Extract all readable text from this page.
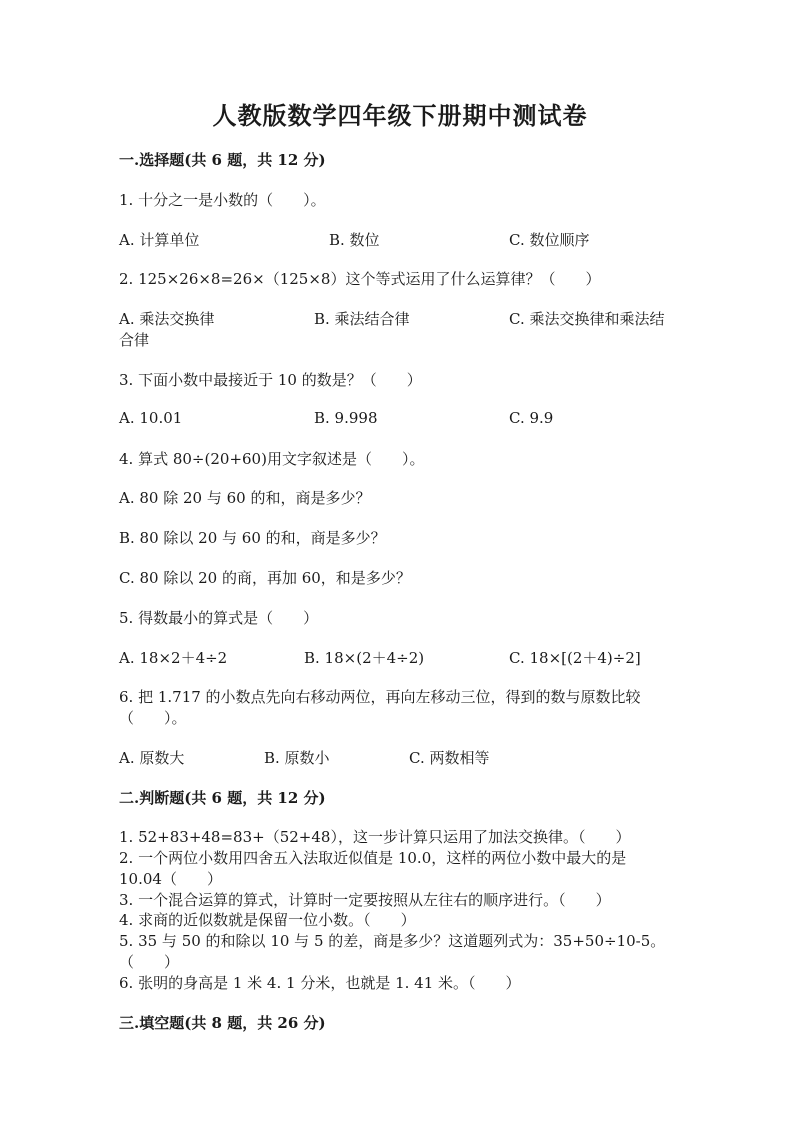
人教版数学四年级下册期中测试卷
一.选择题(共 6 题，共 12 分)
1. 十分之一是小数的（　　）。
A. 计算单位	B. 数位	C. 数位顺序
2. 125×26×8=26×（125×8）这个等式运用了什么运算律？（　　）
A. 乘法交换律	B. 乘法结合律	C. 乘法交换律和乘法结
合律
3. 下面小数中最接近于 10 的数是？（　　）
A. 10.01	B. 9.998	C. 9.9
4. 算式 80÷(20+60)用文字叙述是（　　）。
A. 80 除 20 与 60 的和，商是多少？
B. 80 除以 20 与 60 的和，商是多少？
C. 80 除以 20 的商，再加 60，和是多少？
5. 得数最小的算式是（　　）
A. 18×2＋4÷2	B. 18×(2＋4÷2)	C. 18×[(2＋4)÷2]
6. 把 1.717 的小数点先向右移动两位，再向左移动三位，得到的数与原数比较
（　　）。
A. 原数大	B. 原数小	C. 两数相等
二.判断题(共 6 题，共 12 分)
1. 52+83+48=83+（52+48），这一步计算只运用了加法交换律。（　　）
2. 一个两位小数用四舍五入法取近似值是 10.0，这样的两位小数中最大的是
10.04（　　）
3. 一个混合运算的算式，计算时一定要按照从左往右的顺序进行。（　　）
4. 求商的近似数就是保留一位小数。（　　）
5. 35 与 50 的和除以 10 与 5 的差，商是多少？这道题列式为：35+50÷10-5。
（　　）
6. 张明的身高是 1 米 4. 1 分米，也就是 1. 41 米。（　　）
三.填空题(共 8 题，共 26 分)
